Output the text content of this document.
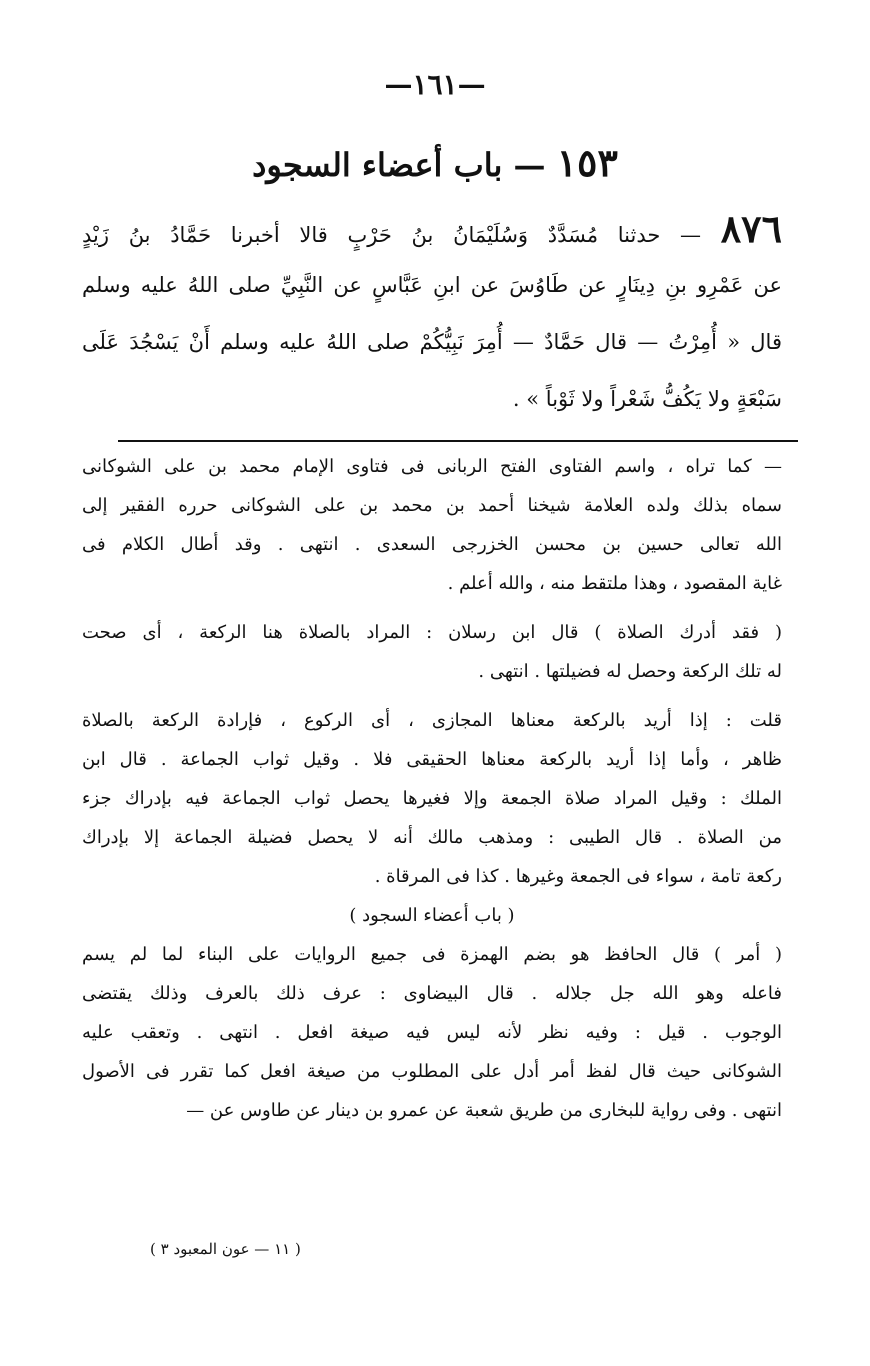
—١٦١—
١٥٣ — باب أعضاء السجود
٨٧٦ — حدثنا مُسَدَّدٌ وَسُلَيْمَانُ بنُ حَرْبٍ قالا أخبرنا حَمَّادُ بنُ زَيْدٍ
عن عَمْرِو بنِ دِينَارٍ عن طَاوُسَ عن ابنِ عَبَّاسٍ عن النَّبِيِّ صلى اللهُ عليه وسلم
قال « أُمِرْتُ — قال حَمَّادٌ — أُمِرَ نَبِيُّكُمْ صلى اللهُ عليه وسلم أَنْ يَسْجُدَ عَلَى
سَبْعَةٍ ولا يَكُفُّ شَعْراً ولا ثَوْباً » .
— كما تراه ، واسم الفتاوى الفتح الربانى فى فتاوى الإمام محمد بن على الشوكانى
سماه بذلك ولده العلامة شيخنا أحمد بن محمد بن على الشوكانى حرره الفقير إلى
الله تعالى حسين بن محسن الخزرجى السعدى . انتهى . وقد أطال الكلام فى
غاية المقصود ، وهذا ملتقط منه ، والله أعلم .
( فقد أدرك الصلاة ) قال ابن رسلان : المراد بالصلاة هنا الركعة ، أى صحت
له تلك الركعة وحصل له فضيلتها . انتهى .
قلت : إذا أريد بالركعة معناها المجازى ، أى الركوع ، فإرادة الركعة بالصلاة
ظاهر ، وأما إذا أريد بالركعة معناها الحقيقى فلا . وقيل ثواب الجماعة . قال ابن
الملك : وقيل المراد صلاة الجمعة وإلا فغيرها يحصل ثواب الجماعة فيه بإدراك جزء
من الصلاة . قال الطيبى : ومذهب مالك أنه لا يحصل فضيلة الجماعة إلا بإدراك
ركعة تامة ، سواء فى الجمعة وغيرها . كذا فى المرقاة .
( باب أعضاء السجود )
( أمر ) قال الحافظ هو بضم الهمزة فى جميع الروايات على البناء لما لم يسم
فاعله وهو الله جل جلاله . قال البيضاوى : عرف ذلك بالعرف وذلك يقتضى
الوجوب . قيل : وفيه نظر لأنه ليس فيه صيغة افعل . انتهى . وتعقب عليه
الشوكانى حيث قال لفظ أمر أدل على المطلوب من صيغة افعل كما تقرر فى الأصول
انتهى . وفى رواية للبخارى من طريق شعبة عن عمرو بن دينار عن طاوس عن —
( ١١ — عون المعبود ٣ )
